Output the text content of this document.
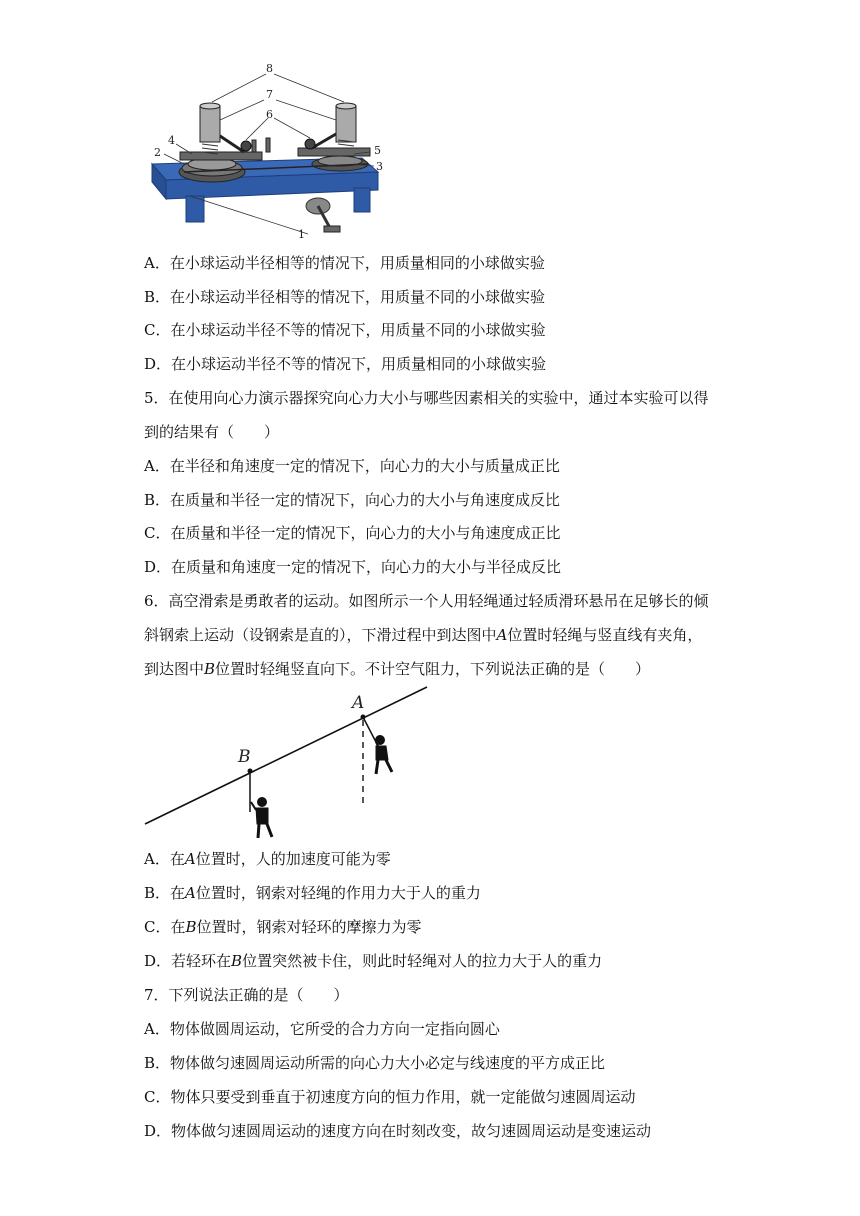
8
7
6
4
2	5
3
1
A．在小球运动半径相等的情况下，用质量相同的小球做实验
B．在小球运动半径相等的情况下，用质量不同的小球做实验
C．在小球运动半径不等的情况下，用质量不同的小球做实验
D．在小球运动半径不等的情况下，用质量相同的小球做实验
5．在使用向心力演示器探究向心力大小与哪些因素相关的实验中，通过本实验可以得
到的结果有（　　）
A．在半径和角速度一定的情况下，向心力的大小与质量成正比
B．在质量和半径一定的情况下，向心力的大小与角速度成反比
C．在质量和半径一定的情况下，向心力的大小与角速度成正比
D．在质量和角速度一定的情况下，向心力的大小与半径成反比
6．高空滑索是勇敢者的运动。如图所示一个人用轻绳通过轻质滑环悬吊在足够长的倾
斜钢索上运动（设钢索是直的），下滑过程中到达图中A位置时轻绳与竖直线有夹角，
到达图中B位置时轻绳竖直向下。不计空气阻力，下列说法正确的是（　　）
A
B
A．在A位置时，人的加速度可能为零
B．在A位置时，钢索对轻绳的作用力大于人的重力
C．在B位置时，钢索对轻环的摩擦力为零
D．若轻环在B位置突然被卡住，则此时轻绳对人的拉力大于人的重力
7．下列说法正确的是（　　）
A．物体做圆周运动，它所受的合力方向一定指向圆心
B．物体做匀速圆周运动所需的向心力大小必定与线速度的平方成正比
C．物体只要受到垂直于初速度方向的恒力作用，就一定能做匀速圆周运动
D．物体做匀速圆周运动的速度方向在时刻改变，故匀速圆周运动是变速运动
